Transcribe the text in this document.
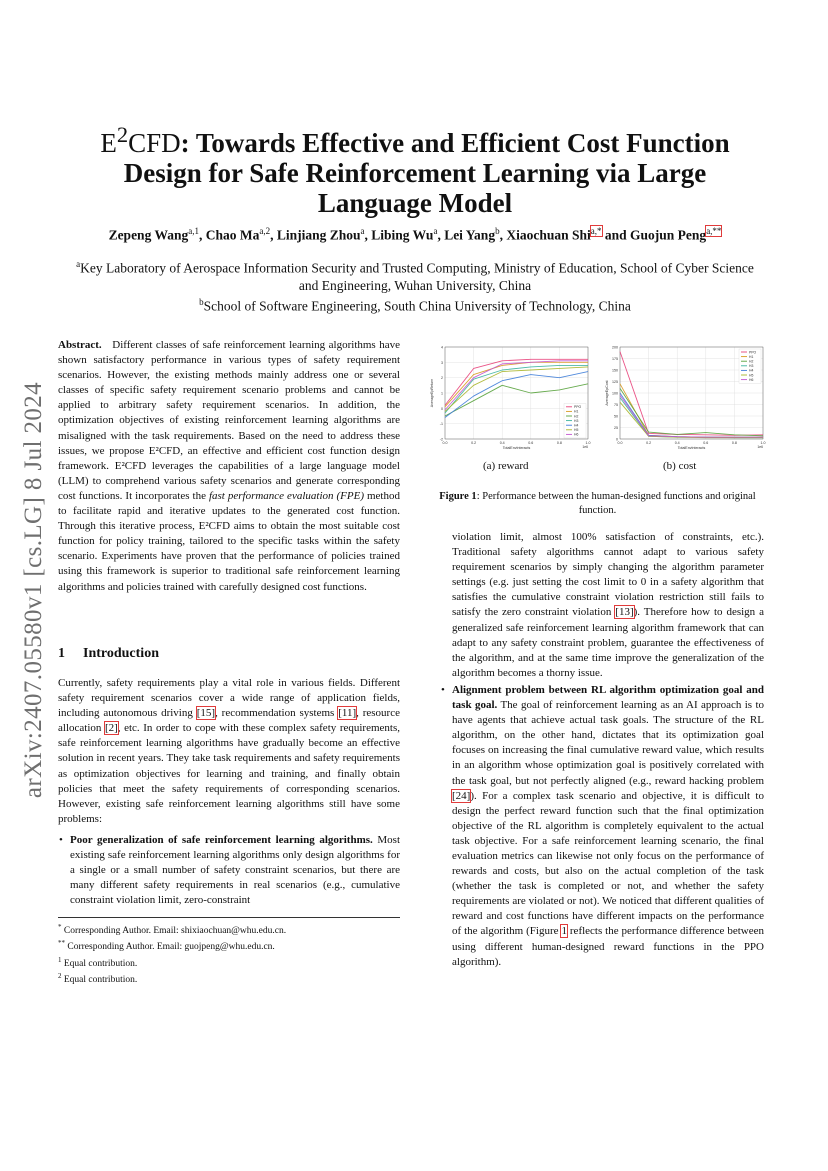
arXiv:2407.05580v1 [cs.LG] 8 Jul 2024
$E^2CFD$: Towards Effective and Efficient Cost Function Design for Safe Reinforcement Learning via Large Language Model
Zepeng Wang$^{a,1}$, Chao Ma$^{a,2}$, Linjiang Zhou$^a$, Libing Wu$^a$, Lei Yang$^b$, Xiaochuan Shi$^{a,*}$ and Guojun Peng$^{a,**}$
$^a$Key Laboratory of Aerospace Information Security and Trusted Computing, Ministry of Education, School of Cyber Science and Engineering, Wuhan University, China
$^b$School of Software Engineering, South China University of Technology, China
Abstract. Different classes of safe reinforcement learning algorithms have shown satisfactory performance in various types of safety requirement scenarios. However, the existing methods mainly address one or several classes of specific safety requirement scenario problems and cannot be applied to arbitrary safety requirement scenarios. In addition, the optimization objectives of existing reinforcement learning algorithms are misaligned with the task requirements. Based on the need to address these issues, we propose E²CFD, an effective and efficient cost function design framework. E²CFD leverages the capabilities of a large language model (LLM) to comprehend various safety scenarios and generate corresponding cost functions. It incorporates the fast performance evaluation (FPE) method to facilitate rapid and iterative updates to the generated cost function. Through this iterative process, E²CFD aims to obtain the most suitable cost function for policy training, tailored to the specific tasks within the safety scenario. Experiments have proven that the performance of policies trained using this framework is superior to traditional safe reinforcement learning algorithms and policies trained with carefully designed cost functions.
1 Introduction
Currently, safety requirements play a vital role in various fields. Different safety requirement scenarios cover a wide range of application fields, including autonomous driving [15], recommendation systems [11], resource allocation [2], etc. In order to cope with these complex safety requirements, safe reinforcement learning algorithms have gradually become an effective solution in recent years. They take task requirements and safety requirements as optimization objectives for learning and training, and finally obtain policies that meet the safety requirements of corresponding scenarios. However, existing safe reinforcement learning algorithms still have some problems:
• Poor generalization of safe reinforcement learning algorithms. Most existing safe reinforcement learning algorithms only design algorithms for a single or a small number of safety constraint scenarios, but there are many different safety requirements in real scenarios (e.g., cumulative constraint violation limit, zero-constraint
* Corresponding Author. Email: shixiaochuan@whu.edu.cn.
** Corresponding Author. Email: guojpeng@whu.edu.cn.
$^1$ Equal contribution.
$^2$ Equal contribution.
-2
-1
0
1
2
3
4
0.0	0.2	0.4	0.6	0.8	1.0
1e6
TotalEnvInteracts
AverageEpReturn	PPO
H1
H2
H3
H4
H5
H6
0
25
50
75
100
125
150
175
200
0.0	0.2	0.4	0.6	0.8	1.0
1e6
TotalEnvInteracts
AverageEpCost
PPO
H1
H2
H3
H4
H5
H6
(a) reward	(b) cost
Figure 1: Performance between the human-designed functions and original function.
violation limit, almost 100% satisfaction of constraints, etc.). Traditional safety algorithms cannot adapt to various safety requirement scenarios by simply changing the algorithm parameter settings (e.g. just setting the cost limit to 0 in a safety algorithm that satisfies the cumulative constraint violation restriction still fails to satisfy the zero constraint violation [13]). Therefore how to design a generalized safe reinforcement learning algorithm framework that can adapt to any safety constraint problem, guarantee the effectiveness of the algorithm, and at the same time improve the generalization of the algorithm becomes a thorny issue.
• Alignment problem between RL algorithm optimization goal and task goal. The goal of reinforcement learning as an AI approach is to have agents that achieve actual task goals. The structure of the RL algorithm, on the other hand, dictates that its optimization goal focuses on increasing the final cumulative reward value, which results in an algorithm whose optimization goal is positively correlated with the task goal, but not perfectly aligned (e.g., reward hacking problem [24]). For a complex task scenario and objective, it is difficult to design the perfect reward function such that the final optimization objective of the RL algorithm is completely equivalent to the actual task objective. For a safe reinforcement learning scenario, the final evaluation metrics can likewise not only focus on the performance of rewards and costs, but also on the actual completion of the task (whether the task is completed or not, and whether the safety requirements are violated or not). We noticed that different qualities of reward and cost functions have different impacts on the performance of the algorithm (Figure 1 reflects the performance difference between using different human-designed reward functions in the PPO algorithm).
